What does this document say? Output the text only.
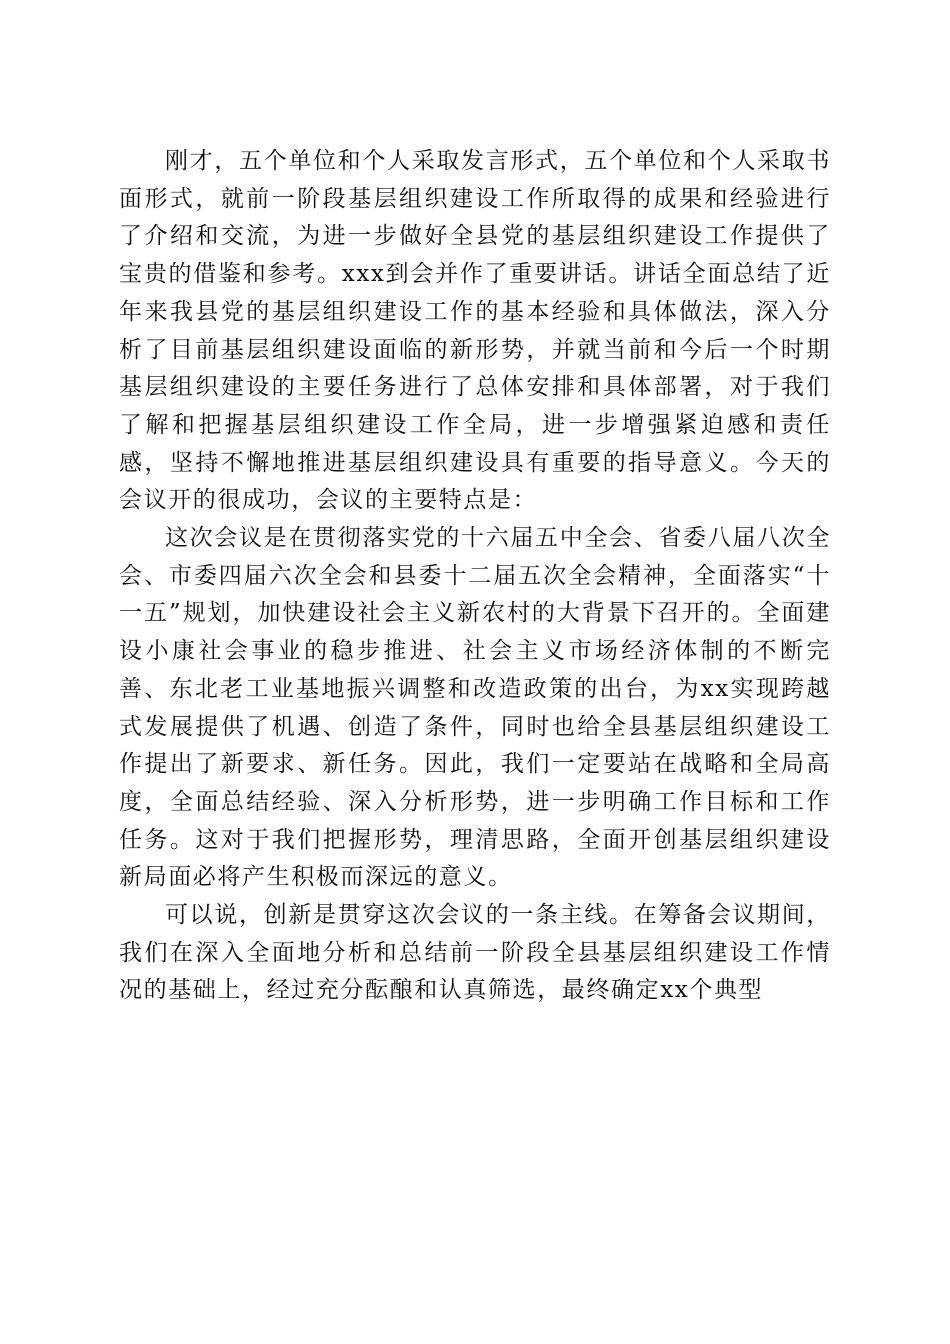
刚才，五个单位和个人采取发言形式，五个单位和个人采取书面形式，就前一阶段基层组织建设工作所取得的成果和经验进行了介绍和交流，为进一步做好全县党的基层组织建设工作提供了宝贵的借鉴和参考。xxx到会并作了重要讲话。讲话全面总结了近年来我县党的基层组织建设工作的基本经验和具体做法，深入分析了目前基层组织建设面临的新形势，并就当前和今后一个时期基层组织建设的主要任务进行了总体安排和具体部署，对于我们了解和把握基层组织建设工作全局，进一步增强紧迫感和责任感，坚持不懈地推进基层组织建设具有重要的指导意义。今天的会议开的很成功，会议的主要特点是：

这次会议是在贯彻落实党的十六届五中全会、省委八届八次全会、市委四届六次全会和县委十二届五次全会精神，全面落实“十一五”规划，加快建设社会主义新农村的大背景下召开的。全面建设小康社会事业的稳步推进、社会主义市场经济体制的不断完善、东北老工业基地振兴调整和改造政策的出台，为xx实现跨越式发展提供了机遇、创造了条件，同时也给全县基层组织建设工作提出了新要求、新任务。因此，我们一定要站在战略和全局高度，全面总结经验、深入分析形势，进一步明确工作目标和工作任务。这对于我们把握形势，理清思路，全面开创基层组织建设新局面必将产生积极而深远的意义。

可以说，创新是贯穿这次会议的一条主线。在筹备会议期间，我们在深入全面地分析和总结前一阶段全县基层组织建设工作情况的基础上，经过充分酝酿和认真筛选，最终确定xx个典型
